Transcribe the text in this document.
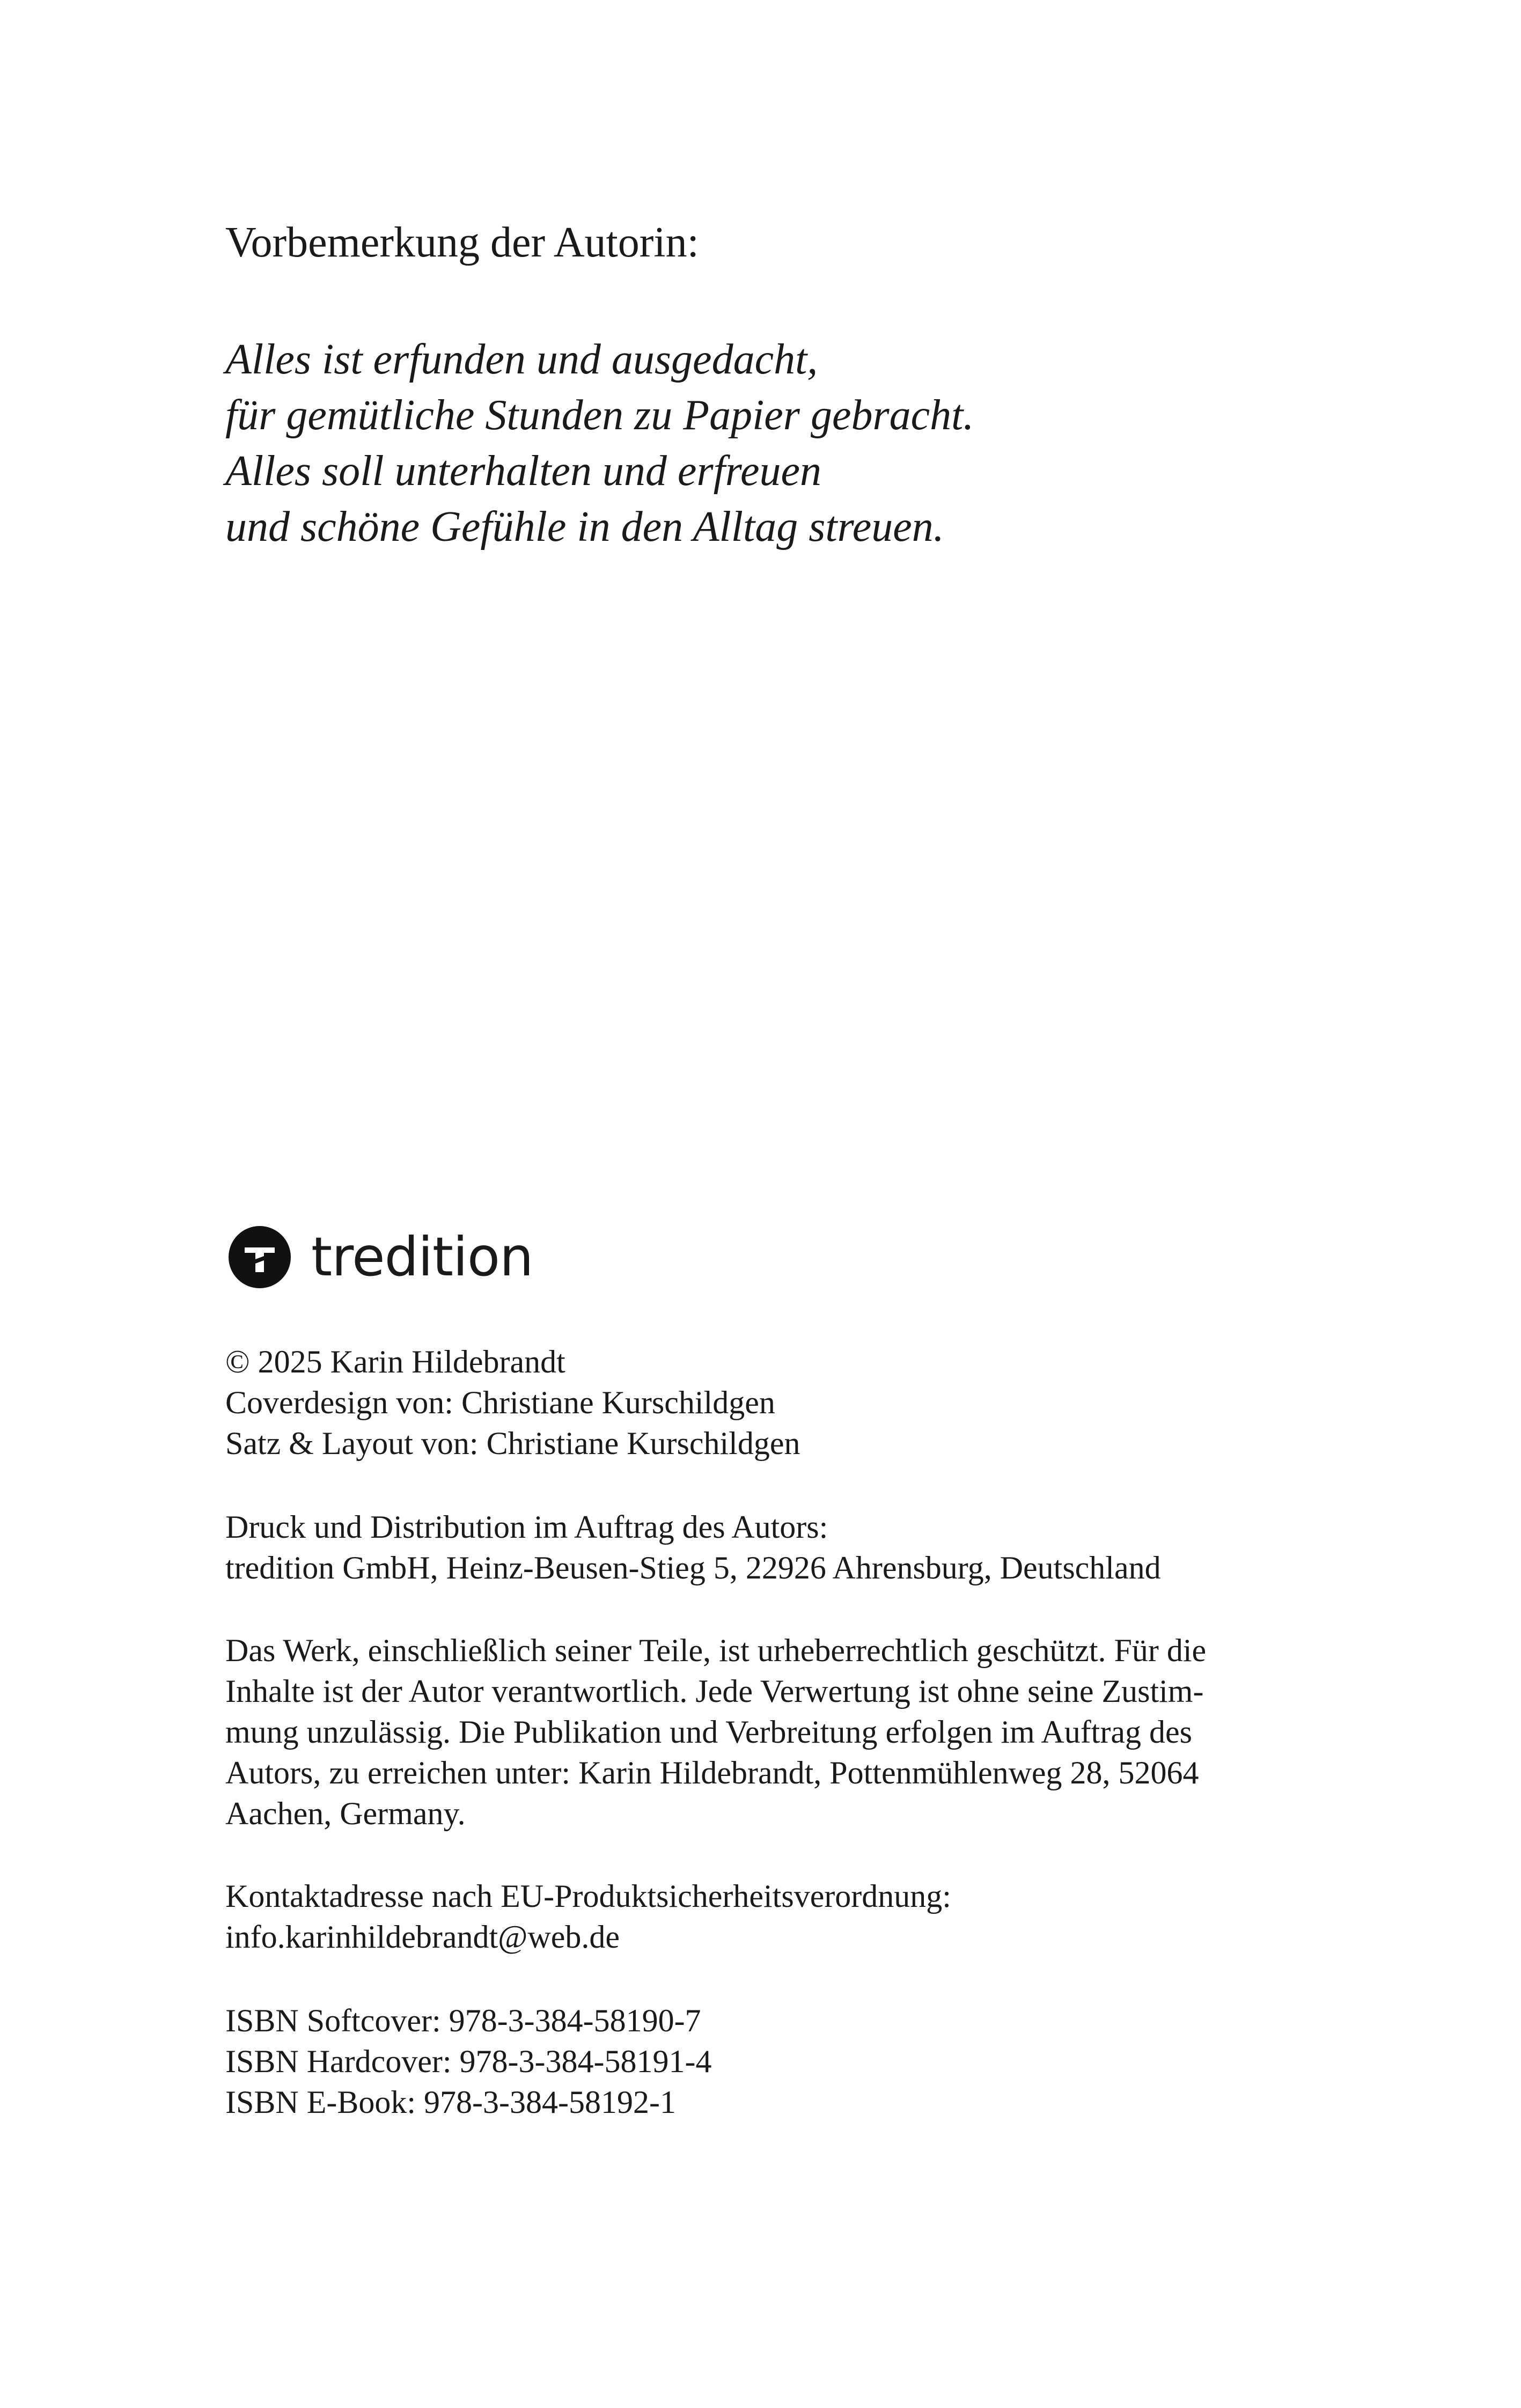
Vorbemerkung der Autorin:

Alles ist erfunden und ausgedacht,
für gemütliche Stunden zu Papier gebracht.
Alles soll unterhalten und erfreuen
und schöne Gefühle in den Alltag streuen.

tredition

© 2025 Karin Hildebrandt
Coverdesign von: Christiane Kurschildgen
Satz & Layout von: Christiane Kurschildgen

Druck und Distribution im Auftrag des Autors:
tredition GmbH, Heinz-Beusen-Stieg 5, 22926 Ahrensburg, Deutschland

Das Werk, einschließlich seiner Teile, ist urheberrechtlich geschützt. Für die
Inhalte ist der Autor verantwortlich. Jede Verwertung ist ohne seine Zustim-
mung unzulässig. Die Publikation und Verbreitung erfolgen im Auftrag des
Autors, zu erreichen unter: Karin Hildebrandt, Pottenmühlenweg 28, 52064
Aachen, Germany.

Kontaktadresse nach EU-Produktsicherheitsverordnung:
info.karinhildebrandt@web.de

ISBN Softcover: 978-3-384-58190-7
ISBN Hardcover: 978-3-384-58191-4
ISBN E-Book: 978-3-384-58192-1
